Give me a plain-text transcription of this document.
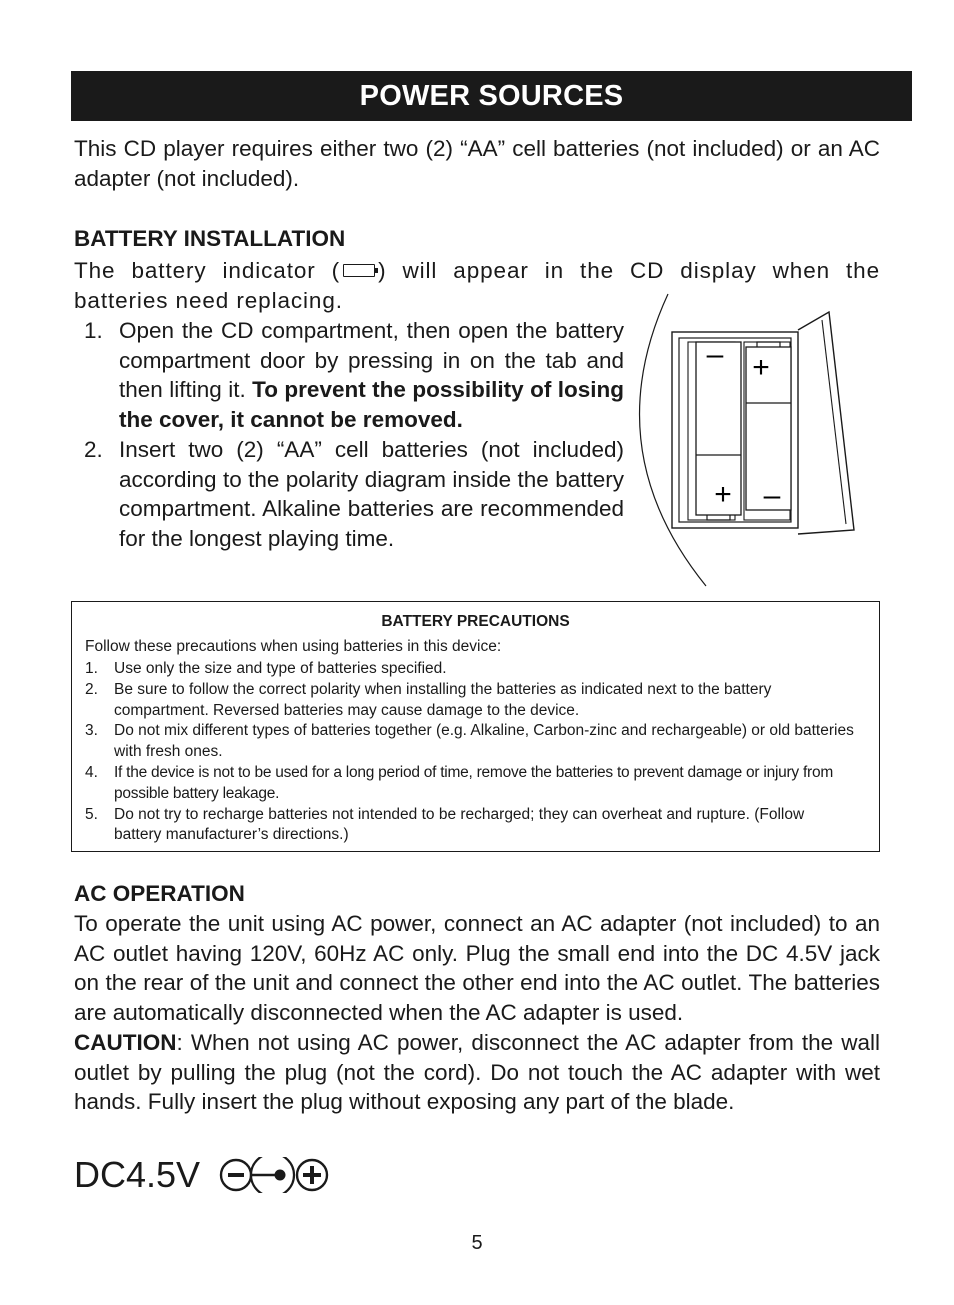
POWER SOURCES

This CD player requires either two (2) “AA” cell batteries (not included) or an AC adapter (not included).

BATTERY INSTALLATION

The battery indicator ( ) will appear in the CD display when the batteries need replacing.

1. Open the CD compartment, then open the battery compartment door by pressing in on the tab and then lifting it. To prevent the possibility of losing the cover, it cannot be removed.
2. Insert two (2) “AA” cell batteries (not included) according to the polarity diagram inside the battery compartment. Alkaline batteries are recommended for the longest playing time.
– +
+ –
BATTERY PRECAUTIONS
Follow these precautions when using batteries in this device:
1.	Use only the size and type of batteries specified.
2.	Be sure to follow the correct polarity when installing the batteries as indicated next to the battery compartment. Reversed batteries may cause damage to the device.
3.	Do not mix different types of batteries together (e.g. Alkaline, Carbon-zinc and rechargeable) or old batteries with fresh ones.
4.	If the device is not to be used for a long period of time, remove the batteries to prevent damage or injury from possible battery leakage.
5.	Do not try to recharge batteries not intended to be recharged; they can overheat and rupture. (Follow battery manufacturer’s directions.)

AC OPERATION

To operate the unit using AC power, connect an AC adapter (not included) to an AC outlet having 120V, 60Hz AC only. Plug the small end into the DC 4.5V jack on the rear of the unit and connect the other end into the AC outlet. The batteries are automatically disconnected when the AC adapter is used.

CAUTION: When not using AC power, disconnect the AC adapter from the wall outlet by pulling the plug (not the cord). Do not touch the AC adapter with wet hands. Fully insert the plug without exposing any part of the blade.

DC4.5V
5
